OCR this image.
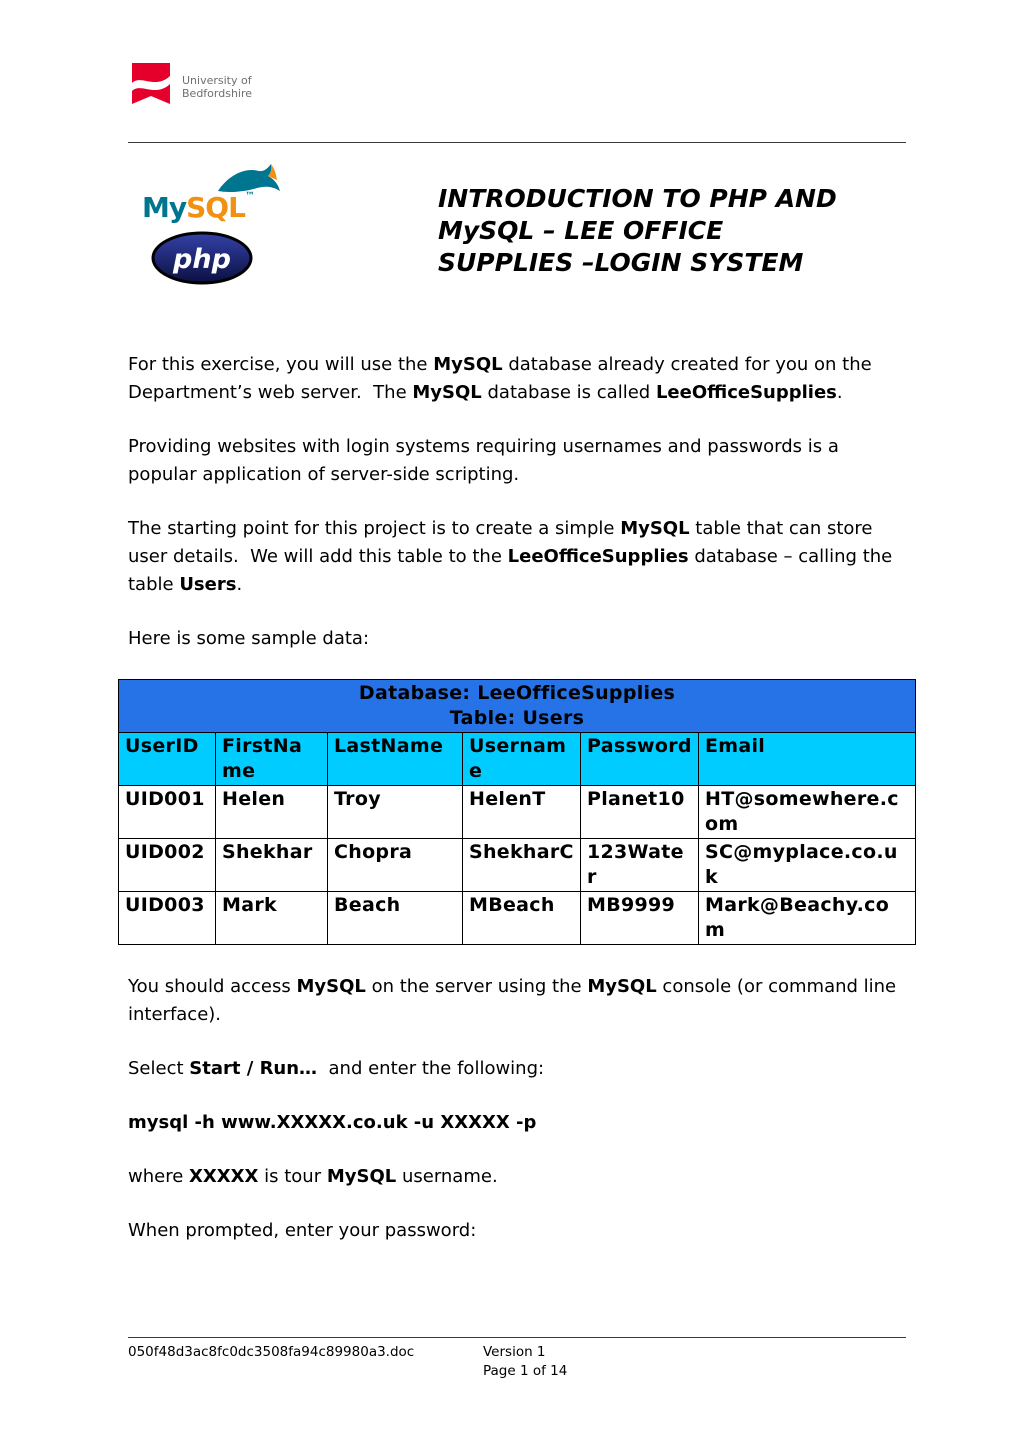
University of
Bedfordshire
MySQL™
php
INTRODUCTION TO PHP AND
MySQL – LEE OFFICE
SUPPLIES –LOGIN SYSTEM

For this exercise, you will use the MySQL database already created for you on the Department’s web server.  The MySQL database is called LeeOfficeSupplies.

Providing websites with login systems requiring usernames and passwords is a popular application of server-side scripting.

The starting point for this project is to create a simple MySQL table that can store user details.  We will add this table to the LeeOfficeSupplies database – calling the table Users.

Here is some sample data:

Database: LeeOfficeSupplies
Table: Users					

UserID	FirstName	LastName	Username	Password	Email
UID001	Helen	Troy	HelenT	Planet10	HT@somewhere.com
UID002	Shekhar	Chopra	ShekharC	123Water	SC@myplace.co.uk
UID003	Mark	Beach	MBeach	MB9999	Mark@Beachy.com

You should access MySQL on the server using the MySQL console (or command line interface).

Select Start / Run…  and enter the following:

mysql -h www.XXXXX.co.uk -u XXXXX -p

where XXXXX is tour MySQL username.

When prompted, enter your password:

050f48d3ac8fc0dc3508fa94c89980a3.doc	Version 1
Page 1 of 14
